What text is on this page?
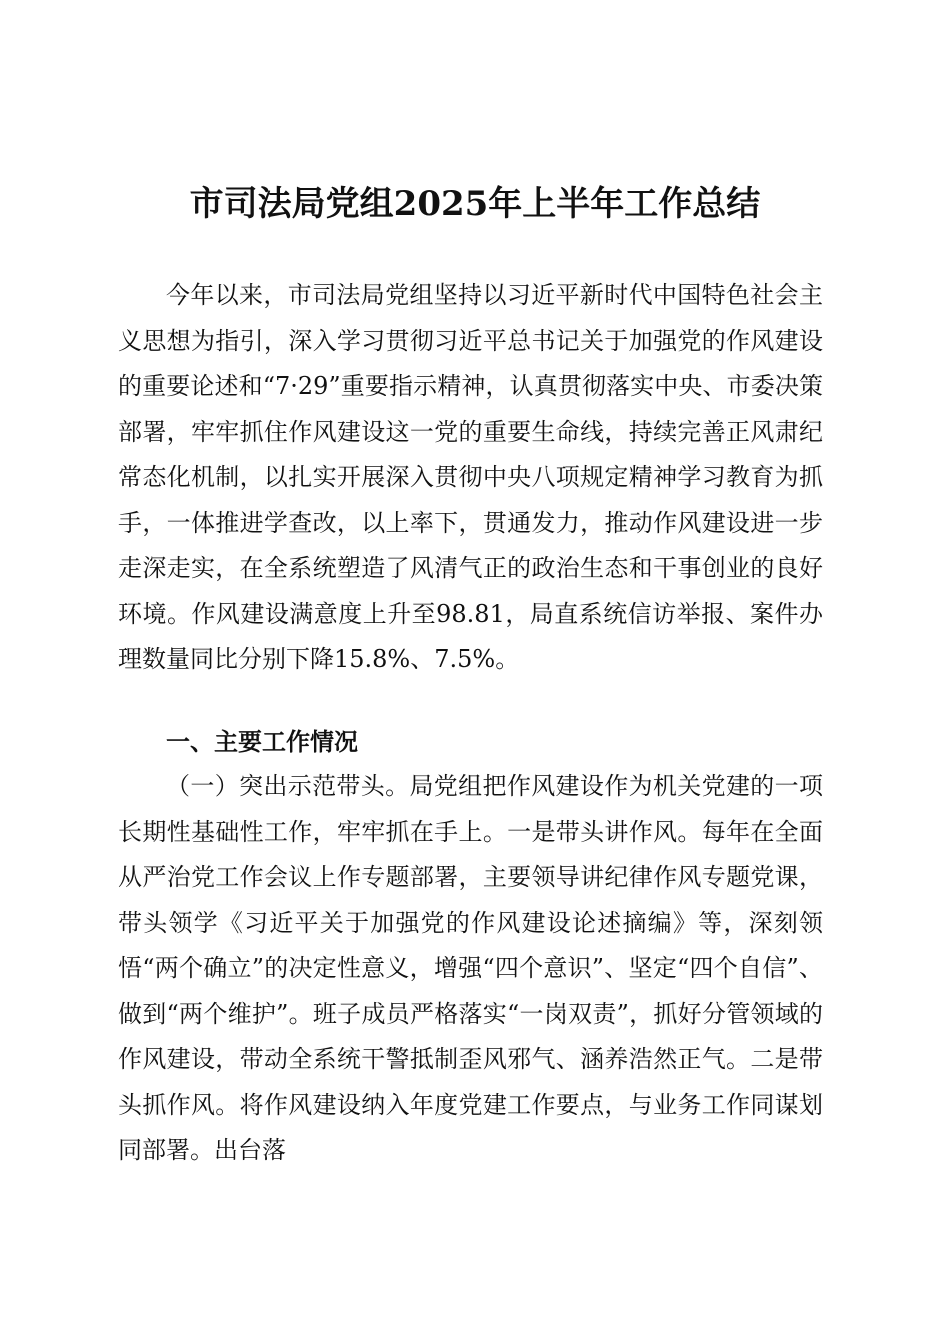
市司法局党组2025年上半年工作总结

今年以来，市司法局党组坚持以习近平新时代中国特色社会主义思想为指引，深入学习贯彻习近平总书记关于加强党的作风建设的重要论述和“7·29”重要指示精神，认真贯彻落实中央、市委决策部署，牢牢抓住作风建设这一党的重要生命线，持续完善正风肃纪常态化机制，以扎实开展深入贯彻中央八项规定精神学习教育为抓手，一体推进学查改，以上率下，贯通发力，推动作风建设进一步走深走实，在全系统塑造了风清气正的政治生态和干事创业的良好环境。作风建设满意度上升至98.81，局直系统信访举报、案件办理数量同比分别下降15.8%、7.5%。

一、主要工作情况

（一）突出示范带头。局党组把作风建设作为机关党建的一项长期性基础性工作，牢牢抓在手上。一是带头讲作风。每年在全面从严治党工作会议上作专题部署，主要领导讲纪律作风专题党课，带头领学《习近平关于加强党的作风建设论述摘编》等，深刻领悟“两个确立”的决定性意义，增强“四个意识”、坚定“四个自信”、做到“两个维护”。班子成员严格落实“一岗双责”，抓好分管领域的作风建设，带动全系统干警抵制歪风邪气、涵养浩然正气。二是带头抓作风。将作风建设纳入年度党建工作要点，与业务工作同谋划同部署。出台落
